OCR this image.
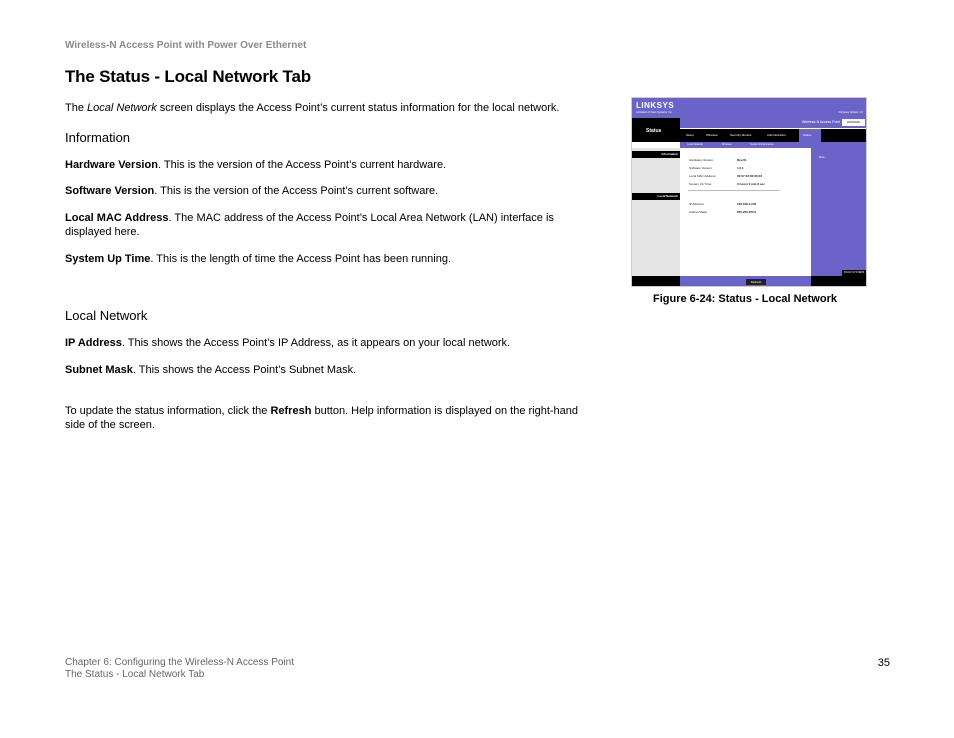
Wireless-N Access Point with Power Over Ethernet
The Status - Local Network Tab
The Local Network screen displays the Access Point’s current status information for the local network.
Information
Hardware Version. This is the version of the Access Point’s current hardware.
Software Version. This is the version of the Access Point’s current software.
Local MAC Address. The MAC address of the Access Point’s Local Area Network (LAN) interface is displayed here.
System Up Time. This is the length of time the Access Point has been running.
Local Network
IP Address. This shows the Access Point’s IP Address, as it appears on your local network.
Subnet Mask. This shows the Access Point’s Subnet Mask.
To update the status information, click the Refresh button. Help information is displayed on the right-hand side of the screen.
LINKSYS
A Division of Cisco Systems, Inc.	Firmware Version: 1.0
Status
Wireless-N Access Point	WAP4400N
Setup	Wireless	Security Monitor	Administration	Status
Local Network	Wireless	System Performance
Information
Local Network
Hardware Version:	Rev.01
Software Version:	1.0.1
Local MAC Address:	00:07:23:00:60:03
System Up Time:	0 hours 0 min 8 sec
IP Address:	192.168.1.245
Subnet Mask:	255.255.255.0
More...
CISCO SYSTEMS
Refresh
Figure 6-24: Status - Local Network
Chapter 6: Configuring the Wireless-N Access Point
The Status - Local Network Tab
35
